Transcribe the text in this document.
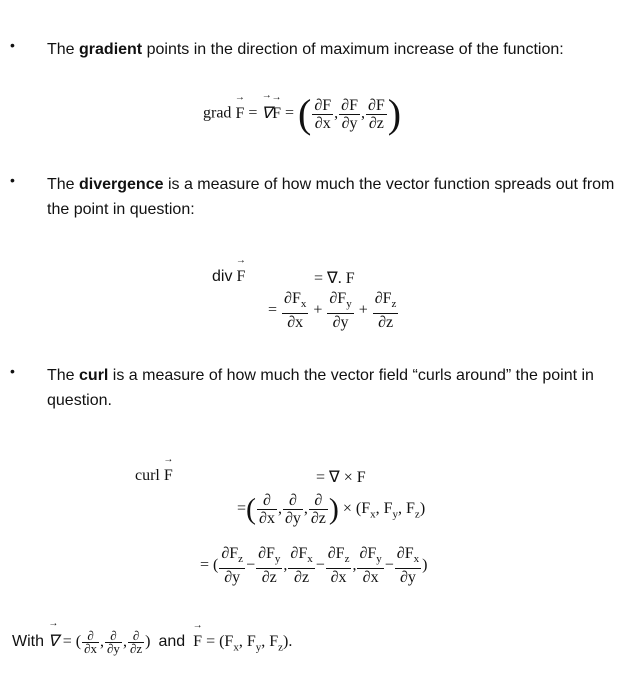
• The gradient points in the direction of maximum increase of the function:
grad → F = → ∇→ F = ( $\frac{\partial F}{\partial x}$ , $\frac{\partial F}{\partial y}$ , $\frac{\partial F}{\partial z}$ )
• The divergence is a measure of how much the vector function spreads out from the point in question:
div → F	= ∇. F
= $\frac{\partial F_x}{\partial x} + \frac{\partial F_y}{\partial y} + \frac{\partial F_z}{\partial z}$
• The curl is a measure of how much the vector field “curls around” the point in question.
curl → F	= ∇ × F
=( $\frac{\partial}{\partial x}$ , $\frac{\partial}{\partial y}$ , $\frac{\partial}{\partial z}$ ) × ($F_x$, $F_y$, $F_z$)
= ( $\frac{\partial F_z}{\partial y} - \frac{\partial F_y}{\partial z}$ , $\frac{\partial F_x}{\partial z} - \frac{\partial F_z}{\partial x}$ , $\frac{\partial F_y}{\partial x} - \frac{\partial F_x}{\partial y}$ )
With → ∇ = ( $\frac{\partial}{\partial x}$ , $\frac{\partial}{\partial y}$ , $\frac{\partial}{\partial z}$ )  and → $F = (F_x$, $F_y$, $F_z$).
